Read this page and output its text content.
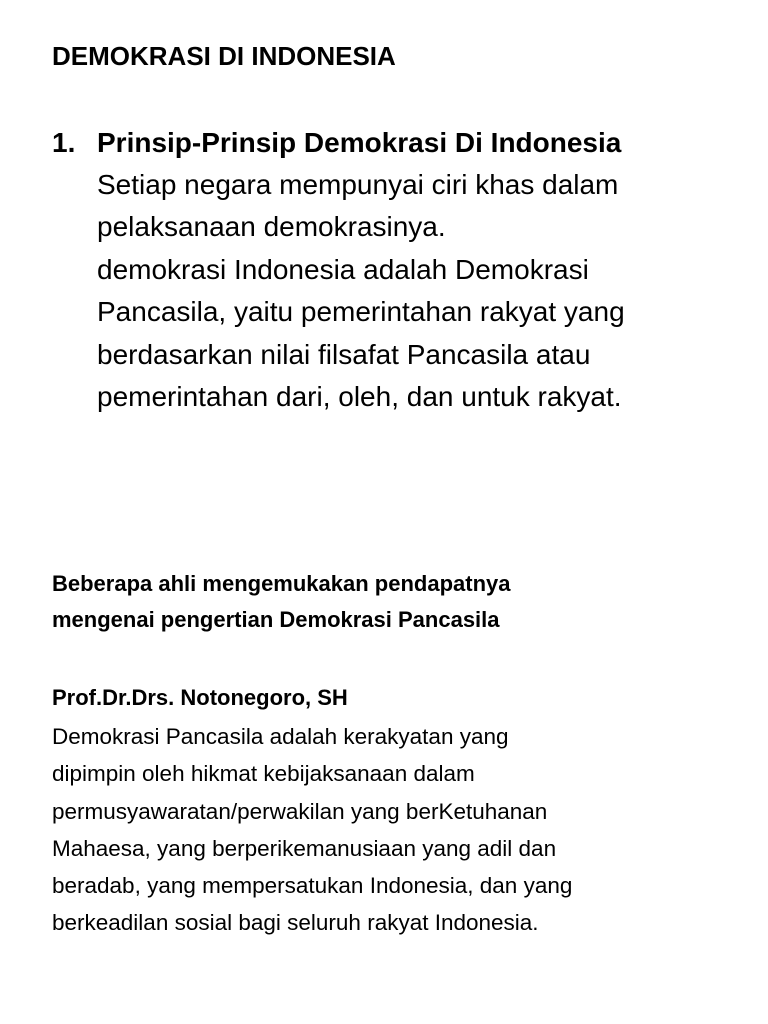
DEMOKRASI DI INDONESIA
1. Prinsip-Prinsip Demokrasi Di Indonesia
Setiap negara mempunyai ciri khas dalam
pelaksanaan demokrasinya.
demokrasi Indonesia adalah Demokrasi
Pancasila, yaitu pemerintahan rakyat yang
berdasarkan nilai filsafat Pancasila atau
pemerintahan dari, oleh, dan untuk rakyat.
Beberapa ahli mengemukakan pendapatnya
mengenai pengertian Demokrasi Pancasila
Prof.Dr.Drs. Notonegoro, SH
Demokrasi Pancasila adalah kerakyatan yang
dipimpin oleh hikmat kebijaksanaan dalam
permusyawaratan/perwakilan yang berKetuhanan
Mahaesa, yang berperikemanusiaan yang adil dan
beradab, yang mempersatukan Indonesia, dan yang
berkeadilan sosial bagi seluruh rakyat Indonesia.
